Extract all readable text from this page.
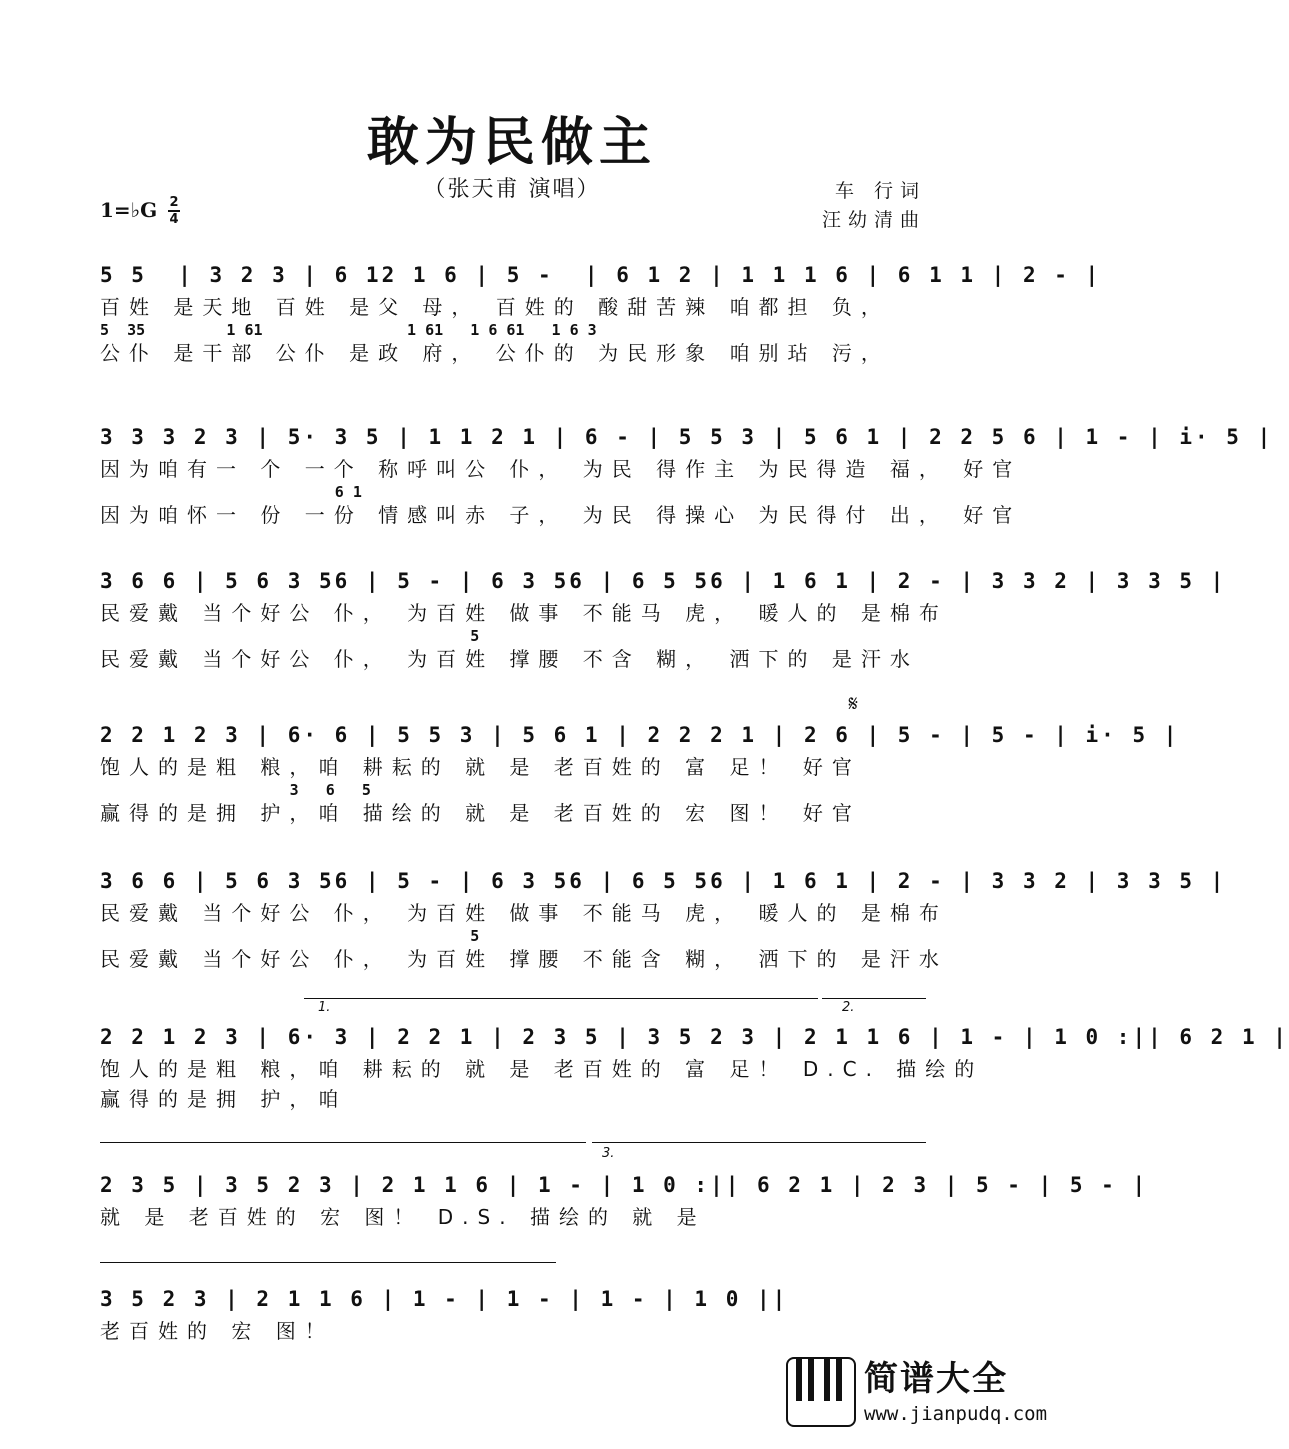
敢为民做主
（张天甫 演唱）	车 行词
汪幼清曲
1=♭G 2
4
5 5  | 3 2 3 | 6 12 1 6 | 5 -  | 6 1 2 | 1 1 1 6 | 6 1 1 | 2 - |
百姓 是天地 百姓 是父 母， 百姓的 酸甜苦辣 咱都担 负，
5  35         1 61                1 61   1 6 61   1 6 3
公仆 是干部 公仆 是政 府， 公仆的 为民形象 咱别玷 污，
3 3 3 2 3 | 5· 3 5 | 1 1 2 1 | 6 - | 5 5 3 | 5 6 1 | 2 2 5 6 | 1 - | i· 5 |
因为咱有一 个 一个 称呼叫公 仆， 为民 得作主 为民得造 福， 好官
6 1
因为咱怀一 份 一份 情感叫赤 子， 为民 得操心 为民得付 出， 好官
3 6 6 | 5 6 3 56 | 5 - | 6 3 56 | 6 5 56 | 1 6 1 | 2 - | 3 3 2 | 3 3 5 |
民爱戴 当个好公 仆， 为百姓 做事 不能马 虎， 暖人的 是棉布
5
民爱戴 当个好公 仆， 为百姓 撑腰 不含 糊， 洒下的 是汗水
𝄋
2 2 1 2 3 | 6· 6 | 5 5 3 | 5 6 1 | 2 2 2 1 | 2 6 | 5 - | 5 - | i· 5 |
饱人的是粗 粮，咱 耕耘的 就 是 老百姓的 富 足！ 好官
3   6   5
赢得的是拥 护，咱 描绘的 就 是 老百姓的 宏 图！ 好官
3 6 6 | 5 6 3 56 | 5 - | 6 3 56 | 6 5 56 | 1 6 1 | 2 - | 3 3 2 | 3 3 5 |
民爱戴 当个好公 仆， 为百姓 做事 不能马 虎， 暖人的 是棉布
5
民爱戴 当个好公 仆， 为百姓 撑腰 不能含 糊， 洒下的 是汗水
1.	2.
2 2 1 2 3 | 6· 3 | 2 2 1 | 2 3 5 | 3 5 2 3 | 2 1 1 6 | 1 - | 1 0 :|| 6 2 1 |
饱人的是粗 粮，咱 耕耘的 就 是 老百姓的 富 足！ D.C. 描绘的
赢得的是拥 护，咱
3.
2 3 5 | 3 5 2 3 | 2 1 1 6 | 1 - | 1 0 :|| 6 2 1 | 2 3 | 5 - | 5 - |
就 是 老百姓的 宏 图！ D.S. 描绘的 就 是
3 5 2 3 | 2 1 1 6 | 1 - | 1 - | 1 - | 1 0 ||
老百姓的 宏 图！
简谱大全
www.jianpudq.com
